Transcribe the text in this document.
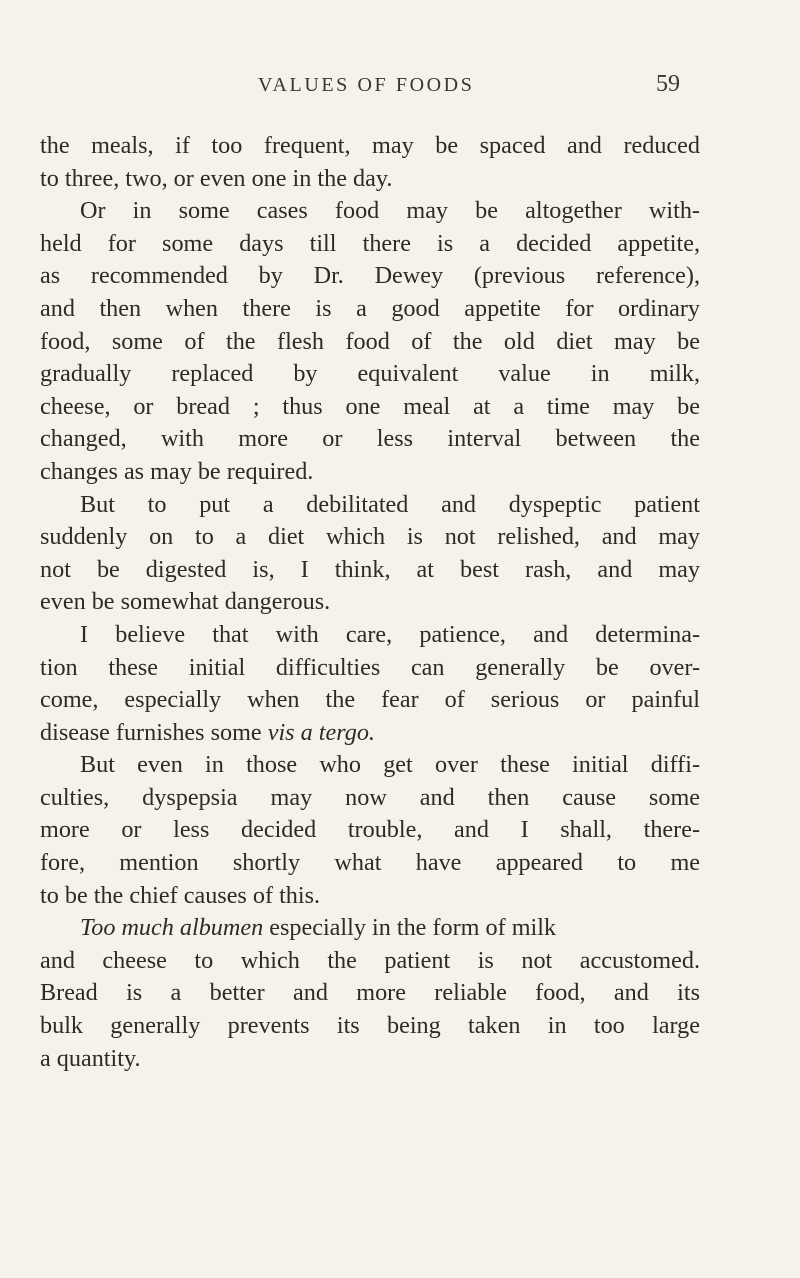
VALUES OF FOODS	59
the meals, if too frequent, may be spaced and reduced
to three, two, or even one in the day.
Or in some cases food may be altogether with-
held for some days till there is a decided appetite,
as recommended by Dr. Dewey (previous reference),
and then when there is a good appetite for ordinary
food, some of the flesh food of the old diet may be
gradually replaced by equivalent value in milk,
cheese, or bread ; thus one meal at a time may be
changed, with more or less interval between the
changes as may be required.
But to put a debilitated and dyspeptic patient
suddenly on to a diet which is not relished, and may
not be digested is, I think, at best rash, and may
even be somewhat dangerous.
I believe that with care, patience, and determina-
tion these initial difficulties can generally be over-
come, especially when the fear of serious or painful
disease furnishes some vis a tergo.
But even in those who get over these initial diffi-
culties, dyspepsia may now and then cause some
more or less decided trouble, and I shall, there-
fore, mention shortly what have appeared to me
to be the chief causes of this.
Too much albumen especially in the form of milk
and cheese to which the patient is not accustomed.
Bread is a better and more reliable food, and its
bulk generally prevents its being taken in too large
a quantity.
